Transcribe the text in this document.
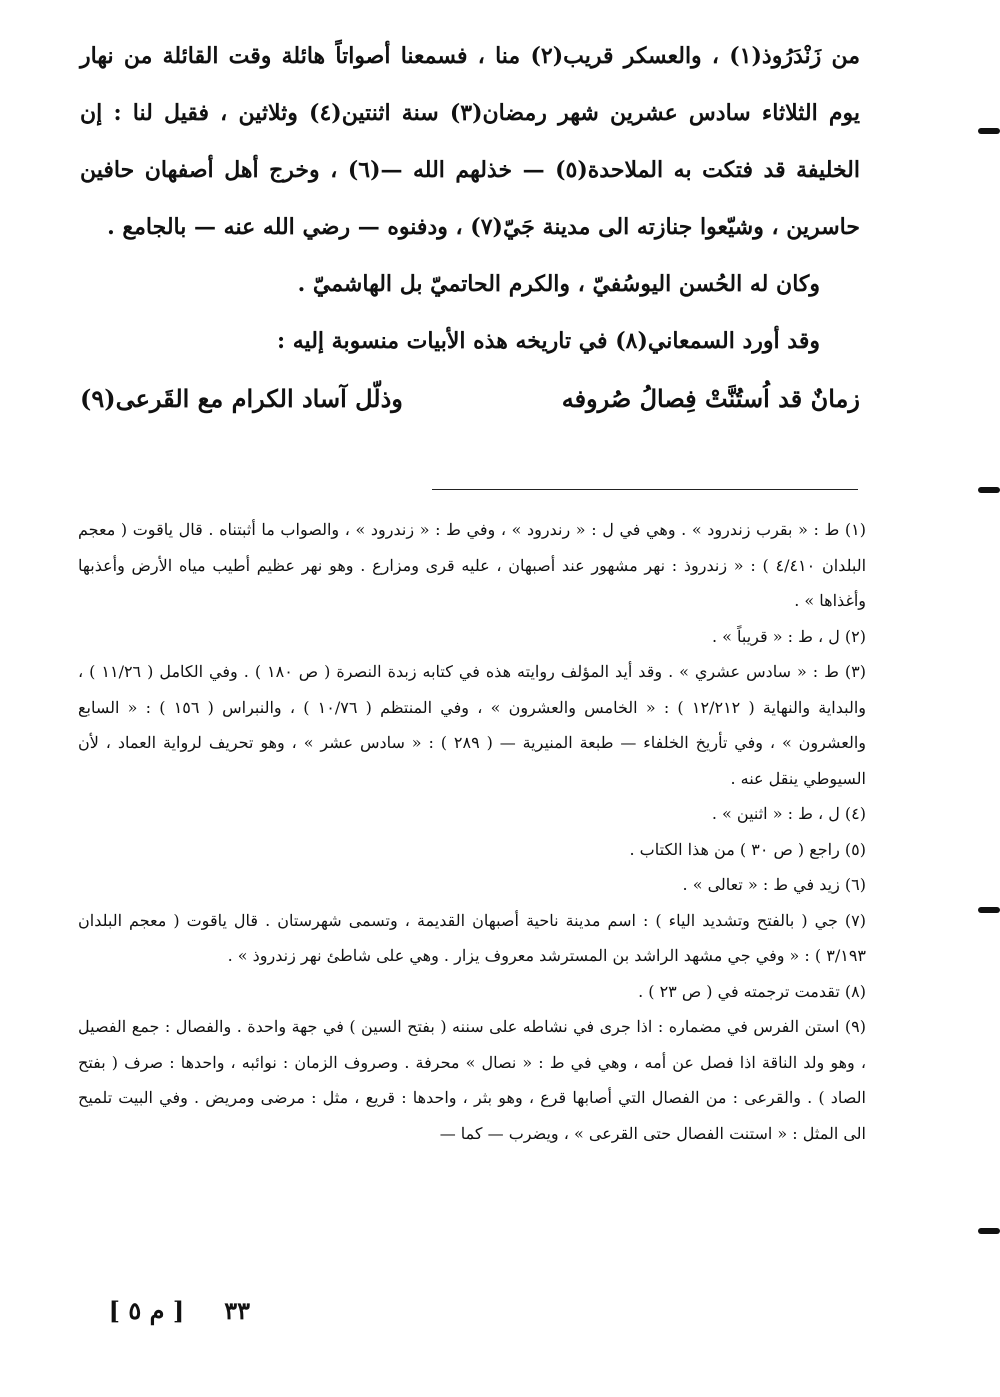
من زَنْدَرُوذ(١) ، والعسكر قريب(٢) منا ، فسمعنا أصواتاً هائلة وقت القائلة من نهار يوم الثلاثاء سادس عشرين شهر رمضان(٣) سنة اثنتين(٤) وثلاثين ، فقيل لنا : إن الخليفة قد فتكت به الملاحدة(٥) — خذلهم الله —(٦) ، وخرج أهل أصفهان حافين حاسرين ، وشيّعوا جنازته الى مدينة جَيّ(٧) ، ودفنوه — رضي الله عنه — بالجامع .

وكان له الحُسن اليوسُفيّ ، والكرم الحاتميّ بل الهاشميّ .

وقد أورد السمعاني(٨) في تاريخه هذه الأبيات منسوبة إليه :

زمانٌ قد اُستُنَّتْ فِصالُ صُروفه
وذلّل آساد الكرام مع القَرعى(٩)

(١) ط : « بقرب زندرود » . وهي في ل : « رندرود » ، وفي ط : « زندرود » ، والصواب ما أثبتناه . قال ياقوت ( معجم البلدان ٤/٤١٠ ) : « زندروذ : نهر مشهور عند أصبهان ، عليه قرى ومزارع . وهو نهر عظيم أطيب مياه الأرض وأعذبها وأغذاها » .

(٢) ل ، ط : « قريباً » .

(٣) ط : « سادس عشري » . وقد أيد المؤلف روايته هذه في كتابه زبدة النصرة ( ص ١٨٠ ) . وفي الكامل ( ١١/٢٦ ) ، والبداية والنهاية ( ١٢/٢١٢ ) : « الخامس والعشرون » ، وفي المنتظم ( ١٠/٧٦ ) ، والنبراس ( ١٥٦ ) : « السابع والعشرون » ، وفي تأريخ الخلفاء — طبعة المنيرية — ( ٢٨٩ ) : « سادس عشر » ، وهو تحريف لرواية العماد ، لأن السيوطي ينقل عنه .

(٤) ل ، ط : « اثنين » .

(٥) راجع ( ص ٣٠ ) من هذا الكتاب .

(٦) زيد في ط : « تعالى » .

(٧) جي ( بالفتح وتشديد الياء ) : اسم مدينة ناحية أصبهان القديمة ، وتسمى شهرستان . قال ياقوت ( معجم البلدان ٣/١٩٣ ) : « وفي جي مشهد الراشد بن المسترشد معروف يزار . وهي على شاطئ نهر زندروذ » .

(٨) تقدمت ترجمته في ( ص ٢٣ ) .

(٩) استن الفرس في مضماره : اذا جرى في نشاطه على سننه ( بفتح السين ) في جهة واحدة . والفصال : جمع الفصيل ، وهو ولد الناقة اذا فصل عن أمه ، وهي في ط : « نصال » محرفة . وصروف الزمان : نوائبه ، واحدها : صرف ( بفتح الصاد ) . والقرعى : من الفصال التي أصابها قرع ، وهو بثر ، واحدها : قريع ، مثل : مرضى ومريض . وفي البيت تلميح الى المثل : « استنت الفصال حتى القرعى » ، ويضرب — كما —

٣٣
[ م ٥ ]
